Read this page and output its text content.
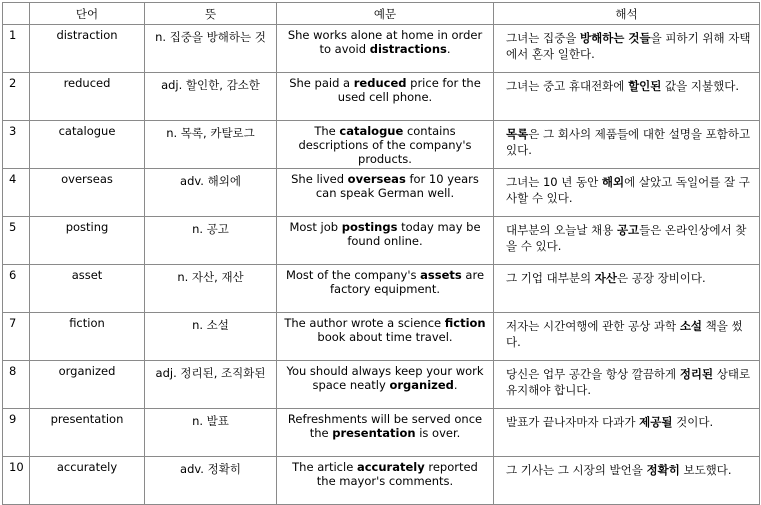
	단어	뜻	예문	해석
1	distraction	n. 집중을 방해하는 것	She works alone at home in order to avoid distractions.	그녀는 집중을 방해하는 것들을 피하기 위해 자택에서 혼자 일한다.
2	reduced	adj. 할인한, 감소한	She paid a reduced price for the used cell phone.	그녀는 중고 휴대전화에 할인된 값을 지불했다.
3	catalogue	n. 목록, 카탈로그	The catalogue contains descriptions of the company's products.	목록은 그 회사의 제품들에 대한 설명을 포함하고 있다.
4	overseas	adv. 해외에	She lived overseas for 10 years can speak German well.	그녀는 10 년 동안 해외에 살았고 독일어를 잘 구사할 수 있다.
5	posting	n. 공고	Most job postings today may be found online.	대부분의 오늘날 채용 공고들은 온라인상에서 찾을 수 있다.
6	asset	n. 자산, 재산	Most of the company's assets are factory equipment.	그 기업 대부분의 자산은 공장 장비이다.
7	fiction	n. 소설	The author wrote a science fiction book about time travel.	저자는 시간여행에 관한 공상 과학 소설 책을 썼다.
8	organized	adj. 정리된, 조직화된	You should always keep your work space neatly organized.	당신은 업무 공간을 항상 깔끔하게 정리된 상태로 유지해야 합니다.
9	presentation	n. 발표	Refreshments will be served once the presentation is over.	발표가 끝나자마자 다과가 제공될 것이다.
10	accurately	adv. 정확히	The article accurately reported the mayor's comments.	그 기사는 그 시장의 발언을 정확히 보도했다.
